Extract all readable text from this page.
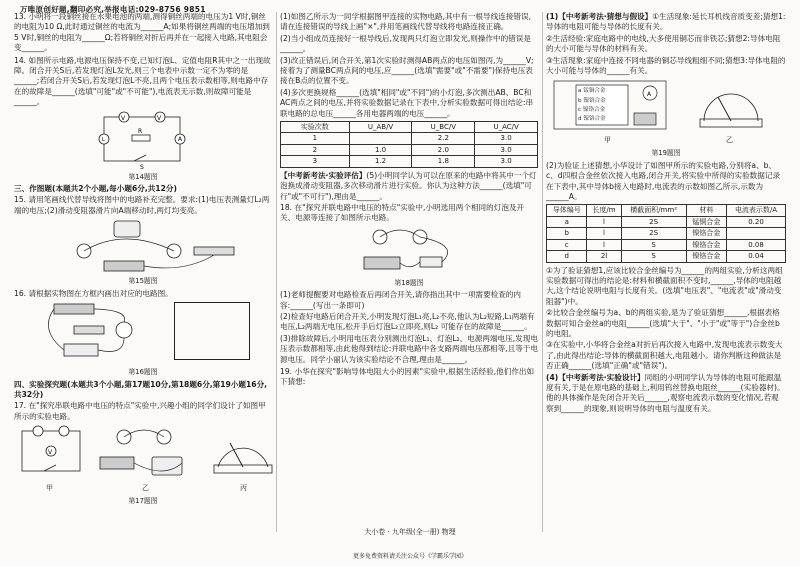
万唯原创好题,翻印必究,举报电话:029-8756 9851

13. 小明将一段铜丝接在水果电池的两端,测得铜丝两端的电压为1 V时,铜丝的电阻为10 Ω,此时通过铜丝的电流为______A;如果将铜丝两端的电压增加到5 V时,铜丝的电阻为______Ω;若将铜丝对折后再并在一起接入电路,其电阻会变______。

14. 如图所示电路,电源电压保持不变,已知灯泡L、定值电阻R其中之一出现故障。闭合开关S后,若发现灯泡L发光,则三个电表中示数一定不为零的是______;若闭合开关S后,若发现灯泡L不亮,且两个电压表示数相等,则电路中存在的故障是______(选填"可能"或"不可能"),电流表无示数,则故障可能是______。

V	V
R
L	A
S
第14题图

三、作图题(本题共2个小题,每小题6分,共12分)

15. 请用笔画线代替导线将图中的电路补充完整。要求:(1)电压表测量灯L₂两端的电压;(2)滑动变阻器滑片向A端移动时,两灯均变亮。

第15题图

16. 请根据实物图在方框内画出对应的电路图。

第16题图

四、实验探究题(本题共3个小题,第17题10分,第18题6分,第19小题16分,共32分)

17. 在"探究串联电路中电压的特点"实验中,兴趣小组的同学们设计了如图甲所示的实验电路。

V
甲	乙	丙
第17题图

(1)如图乙所示为一同学根据图甲连接的实物电路,其中有一根导线连接错误,请在连接错误的导线上画"×",并用笔画线代替导线将电路连接正确。

(2)当小组成员连接好一根导线后,发现两只灯泡立即发光,则操作中的错误是______。

(3)改正错误后,闭合开关,第1次实验时测得AB两点的电压如图丙,为______V;接着为了测量BC两点间的电压,应______(选填"需要"或"不需要")保持电压表接在B点的位置不变。

(4)多次更换规格______(选填"相同"或"不同")的小灯泡,多次测出AB、BC和AC两点之间的电压,并将实验数据记录在下表中,分析实验数据可得出结论:串联电路的总电压______各用电器两端的电压______。

实验次数	U_AB/V	U_BC/V	U_AC/V
1		2.2	3.0
2	1.0	2.0	3.0
3	1.2	1.8	3.0

【中考新考法·实验评估】(5)小明同学认为可以在原来的电路中将其中一个灯泡换成滑动变阻器,多次移动滑片进行实验。你认为这种方法______(选填"可行"或"不可行"),理由是______。

18. 在"探究并联电路中电压的特点"实验中,小明选用两个相同的灯泡及开关、电源等连接了如图所示电路。

第18题图

(1)老师提醒要对电路检查后再闭合开关,请你指出其中一项需要检查的内容:______(写出一条即可)

(2)检查好电路后闭合开关,小明发现灯泡L₁亮,L₂不亮,他认为L₂短路,L₁两端有电压,L₂两端无电压,松开手后灯泡L₂立即亮,则L₂ 可能存在的故障是______。

(3)排除故障后,小明用电压表分别测出灯泡L₁、灯泡L₂、电源两端电压,发现电压表示数都相等,由此他得到结论:并联电路中各支路两端电压都相等,且等于电源电压。同学小丽认为该实验结论不合理,理由是______。

19. 小华在探究"影响导体电阻大小的因素"实验中,根据生活经验,他们作出如下猜想:

大小卷 · 九年级(全一册) 物理
更多免费资料请关注公众号《学霸乐学园》

(1)【中考新考法·猜想与假设】①生活现象:延长耳机线音质变差;猜想1:导体的电阻可能与导体的长度有关。

②生活经验:家庭电路中的电线,大多使用铜芯而非铁芯;猜想2:导体电阻的大小可能与导体的材料有关。

③生活现象:家庭中连接不同电器的铜芯导线粗细不同;猜想3:导体电阻的大小可能与导体的______有关。

A
a 锰铜合金
b 镍铬合金
c 镍铬合金
d 镍铬合金
甲	乙
第19题图

(2)为验证上述猜想,小华设计了如图甲所示的实验电路,分别将a、b、c、d四根合金丝依次接入电路,闭合开关,将实验中所得的实验数据记录在下表中,其中导体b接入电路时,电流表的示数如图乙所示,示数为______A。

导体编号	长度/m	横截面积/mm²	材料	电流表示数/A
a	l	2S	锰铜合金	0.20
b	l	2S	镍铬合金	
c	l	S	镍铬合金	0.08
d	2l	S	镍铬合金	0.04

①为了验证猜想1,应该比较合金丝编号为______的两组实验,分析这两组实验数据可得出的结论是:材料和横截面积不变时,______,导体的电阻越大,这个结论说明电阻与长度有关。(选填"电压表"、"电流表"或"滑动变阻器")中。

②比较合金丝编号为a、b的两组实验,是为了验证猜想______,根据表格数据可知合金丝a的电阻______(选填"大于"、"小于"或"等于")合金丝b的电阻。

③在实验中,小华将合金丝a对折后再次接入电路中,发现电流表示数变大了,由此得出结论:导体的横截面积越大,电阻越小。请你判断这种做法是否正确______(选填"正确"或"错误")。

(4)【中考新考法·实验设计】同组的小明同学认为导体的电阻可能跟温度有关,于是在原电路的基础上,利用钨丝替换电阻丝______(实验器材)。他的具体操作是先闭合开关后______,观察电流表示数的变化情况,若观察到______的现象,则说明导体的电阻与温度有关。
